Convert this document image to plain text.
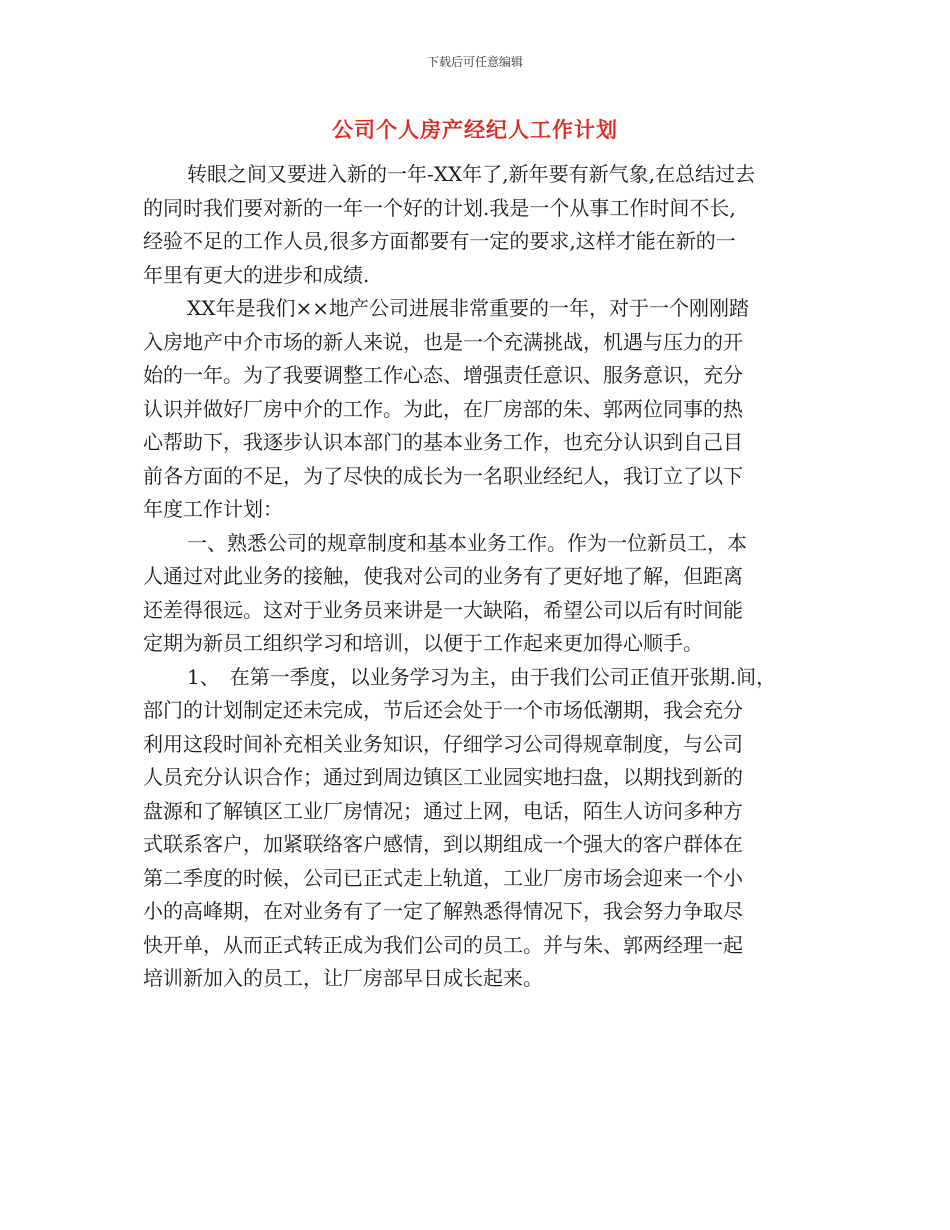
下载后可任意编辑
公司个人房产经纪人工作计划

转眼之间又要进入新的一年-XX年了,新年要有新气象,在总结过去
的同时我们要对新的一年一个好的计划.我是一个从事工作时间不长,
经验不足的工作人员,很多方面都要有一定的要求,这样才能在新的一
年里有更大的进步和成绩.

XX年是我们××地产公司进展非常重要的一年，对于一个刚刚踏
入房地产中介市场的新人来说，也是一个充满挑战，机遇与压力的开
始的一年。为了我要调整工作心态、增强责任意识、服务意识，充分
认识并做好厂房中介的工作。为此，在厂房部的朱、郭两位同事的热
心帮助下，我逐步认识本部门的基本业务工作，也充分认识到自己目
前各方面的不足，为了尽快的成长为一名职业经纪人，我订立了以下
年度工作计划：

一、熟悉公司的规章制度和基本业务工作。作为一位新员工，本
人通过对此业务的接触，使我对公司的业务有了更好地了解，但距离
还差得很远。这对于业务员来讲是一大缺陷，希望公司以后有时间能
定期为新员工组织学习和培训，以便于工作起来更加得心顺手。

1、　在第一季度，以业务学习为主，由于我们公司正值开张期.间，
部门的计划制定还未完成，节后还会处于一个市场低潮期，我会充分
利用这段时间补充相关业务知识，仔细学习公司得规章制度，与公司
人员充分认识合作；通过到周边镇区工业园实地扫盘，以期找到新的
盘源和了解镇区工业厂房情况；通过上网，电话，陌生人访问多种方
式联系客户，加紧联络客户感情，到以期组成一个强大的客户群体在
第二季度的时候，公司已正式走上轨道，工业厂房市场会迎来一个小
小的高峰期，在对业务有了一定了解熟悉得情况下，我会努力争取尽
快开单，从而正式转正成为我们公司的员工。并与朱、郭两经理一起
培训新加入的员工，让厂房部早日成长起来。
